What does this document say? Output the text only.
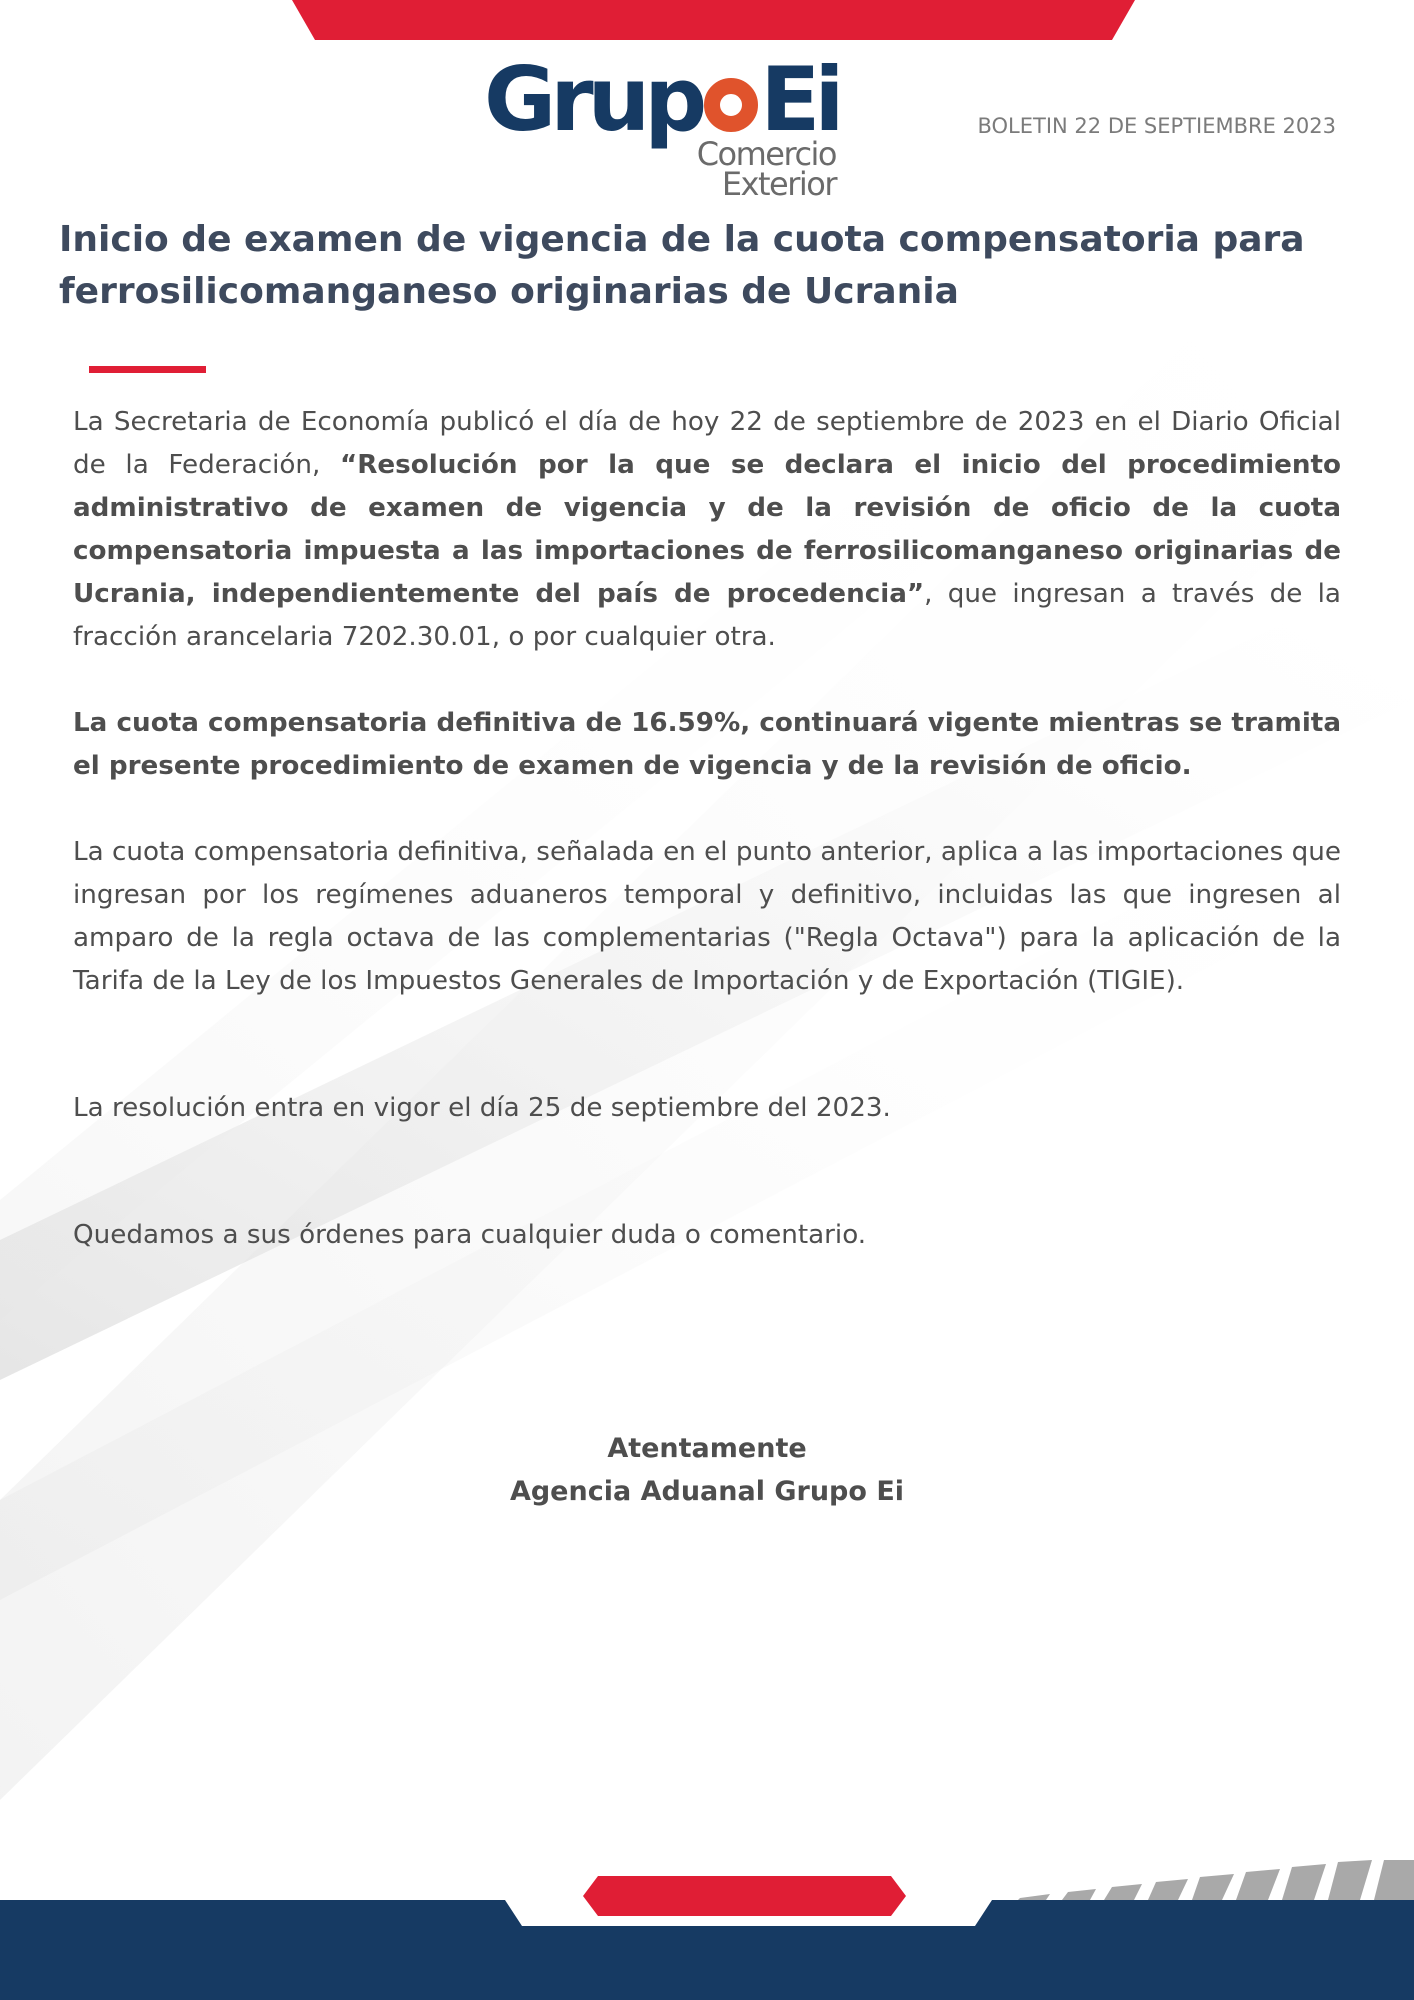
Grup Ei
Comercio
Exterior
BOLETIN 22 DE SEPTIEMBRE 2023
Inicio de examen de vigencia de la cuota compensatoria para ferrosilicomanganeso originarias de Ucrania

La Secretaria de Economía publicó el día de hoy 22 de septiembre de 2023 en el Diario Oficial de la Federación, “Resolución por la que se declara el inicio del procedimiento administrativo de examen de vigencia y de la revisión de oficio de la cuota compensatoria impuesta a las importaciones de ferrosilicomanganeso originarias de Ucrania, independientemente del país de procedencia”, que ingresan a través de la fracción arancelaria 7202.30.01, o por cualquier otra.

La cuota compensatoria definitiva de 16.59%, continuará vigente mientras se tramita el presente procedimiento de examen de vigencia y de la revisión de oficio.

La cuota compensatoria definitiva, señalada en el punto anterior, aplica a las importaciones que ingresan por los regímenes aduaneros temporal y definitivo, incluidas las que ingresen al amparo de la regla octava de las complementarias ("Regla Octava") para la aplicación de la Tarifa de la Ley de los Impuestos Generales de Importación y de Exportación (TIGIE).

La resolución entra en vigor el día 25 de septiembre del 2023.

Quedamos a sus órdenes para cualquier duda o comentario.

Atentamente
Agencia Aduanal Grupo Ei
